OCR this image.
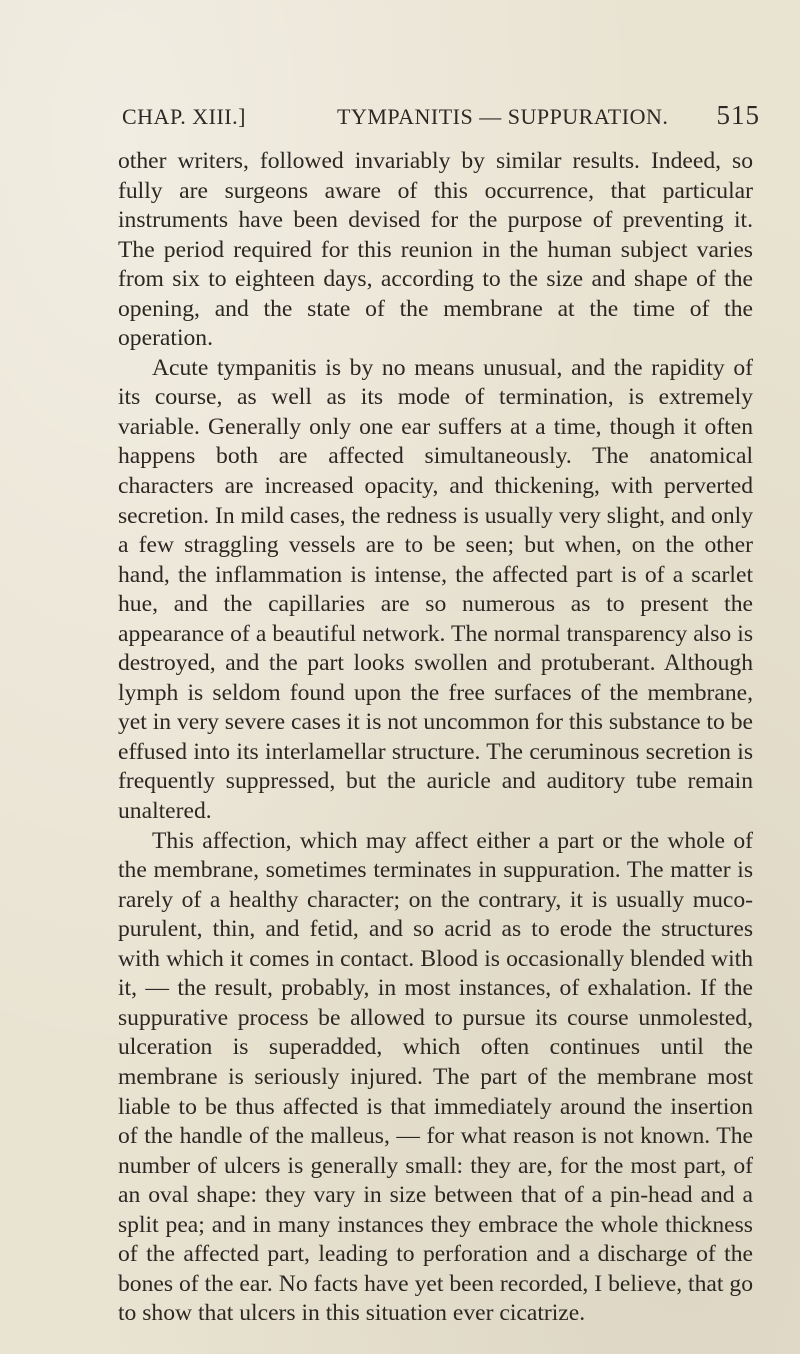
CHAP. XIII.]	TYMPANITIS — SUPPURATION. 515

other writers, followed invariably by similar results. Indeed, so fully are surgeons aware of this occurrence, that particular instruments have been devised for the purpose of preventing it. The period required for this reunion in the human subject varies from six to eighteen days, according to the size and shape of the opening, and the state of the membrane at the time of the operation.

Acute tympanitis is by no means unusual, and the rapidity of its course, as well as its mode of termination, is extremely variable. Generally only one ear suffers at a time, though it often happens both are affected simultaneously. The anatomical characters are increased opacity, and thickening, with perverted secretion. In mild cases, the redness is usually very slight, and only a few straggling vessels are to be seen; but when, on the other hand, the inflammation is intense, the affected part is of a scarlet hue, and the capillaries are so numerous as to present the appearance of a beautiful network. The normal transparency also is destroyed, and the part looks swollen and protuberant. Although lymph is seldom found upon the free surfaces of the membrane, yet in very severe cases it is not uncommon for this substance to be effused into its interlamellar structure. The ceruminous secretion is frequently suppressed, but the auricle and auditory tube remain unaltered.

This affection, which may affect either a part or the whole of the membrane, sometimes terminates in suppuration. The matter is rarely of a healthy character; on the contrary, it is usually muco-purulent, thin, and fetid, and so acrid as to erode the structures with which it comes in contact. Blood is occasionally blended with it, — the result, probably, in most instances, of exhalation. If the suppurative process be allowed to pursue its course unmolested, ulceration is superadded, which often continues until the membrane is seriously injured. The part of the membrane most liable to be thus affected is that immediately around the insertion of the handle of the malleus, — for what reason is not known. The number of ulcers is generally small: they are, for the most part, of an oval shape: they vary in size between that of a pin-head and a split pea; and in many instances they embrace the whole thickness of the affected part, leading to perforation and a discharge of the bones of the ear. No facts have yet been recorded, I believe, that go to show that ulcers in this situation ever cicatrize.
